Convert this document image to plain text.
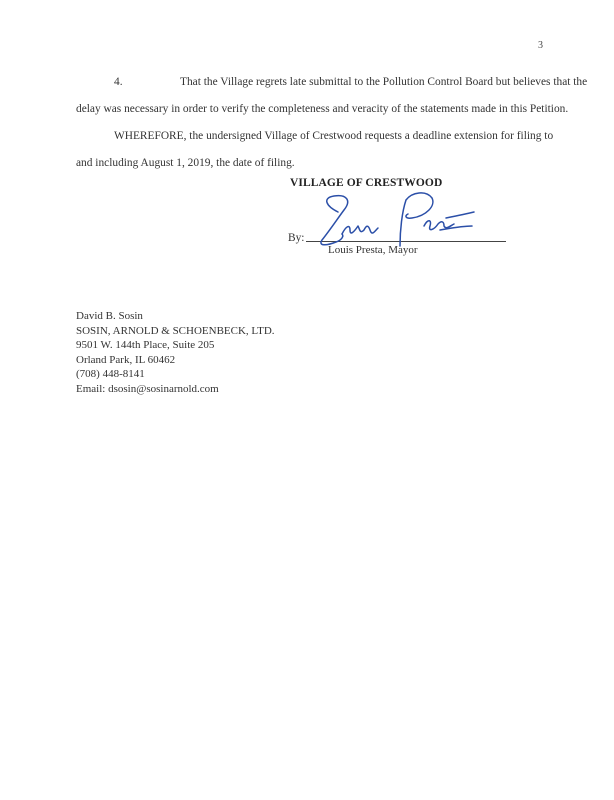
3
4.	That the Village regrets late submittal to the Pollution Control Board but believes that the
delay was necessary in order to verify the completeness and veracity of the statements made in this Petition.
WHEREFORE, the undersigned Village of Crestwood requests a deadline extension for filing to
and including August 1, 2019, the date of filing.
VILLAGE OF CRESTWOOD
By:
Louis Presta, Mayor
David B. Sosin
SOSIN, ARNOLD & SCHOENBECK, LTD.
9501 W. 144th Place, Suite 205
Orland Park, IL 60462
(708) 448-8141
Email: dsosin@sosinarnold.com
